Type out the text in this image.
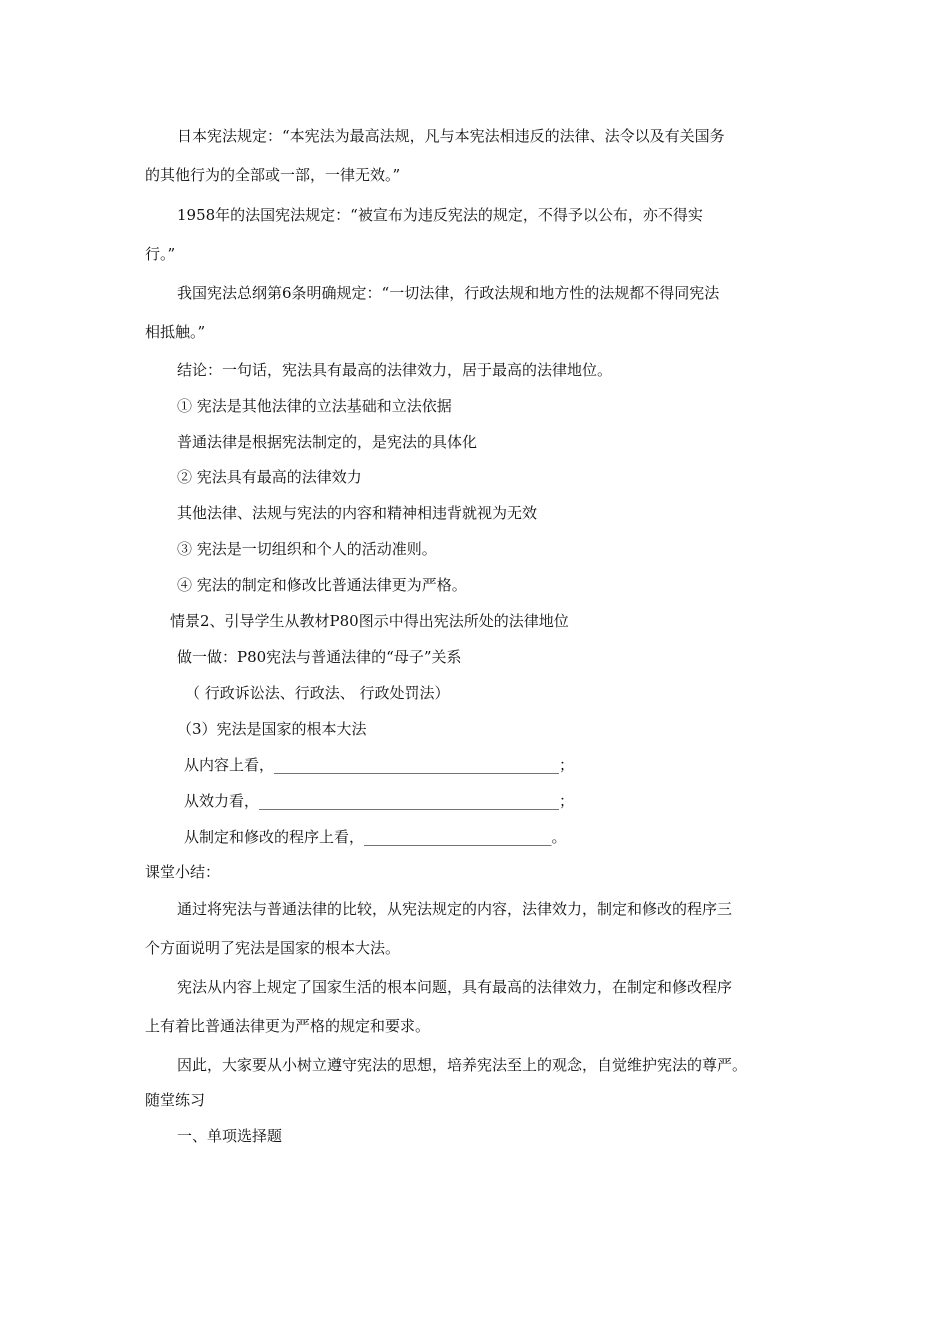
日本宪法规定：“本宪法为最高法规，凡与本宪法相违反的法律、法令以及有关国务
的其他行为的全部或一部，一律无效。”
1958年的法国宪法规定：“被宣布为违反宪法的规定，不得予以公布，亦不得实
行。”
我国宪法总纲第6条明确规定：“一切法律，行政法规和地方性的法规都不得同宪法
相抵触。”
结论：一句话，宪法具有最高的法律效力，居于最高的法律地位。
① 宪法是其他法律的立法基础和立法依据
普通法律是根据宪法制定的，是宪法的具体化
② 宪法具有最高的法律效力
其他法律、法规与宪法的内容和精神相违背就视为无效
③ 宪法是一切组织和个人的活动准则。
④ 宪法的制定和修改比普通法律更为严格。
情景2、引导学生从教材P80图示中得出宪法所处的法律地位
做一做：P80宪法与普通法律的“母子”关系
（ 行政诉讼法、行政法、 行政处罚法）
（3）宪法是国家的根本大法
从内容上看，______________________________________；
从效力看，________________________________________；
从制定和修改的程序上看，_________________________。
课堂小结：
通过将宪法与普通法律的比较，从宪法规定的内容，法律效力，制定和修改的程序三
个方面说明了宪法是国家的根本大法。
宪法从内容上规定了国家生活的根本问题，具有最高的法律效力，在制定和修改程序
上有着比普通法律更为严格的规定和要求。
因此，大家要从小树立遵守宪法的思想，培养宪法至上的观念，自觉维护宪法的尊严。
随堂练习
一、单项选择题
